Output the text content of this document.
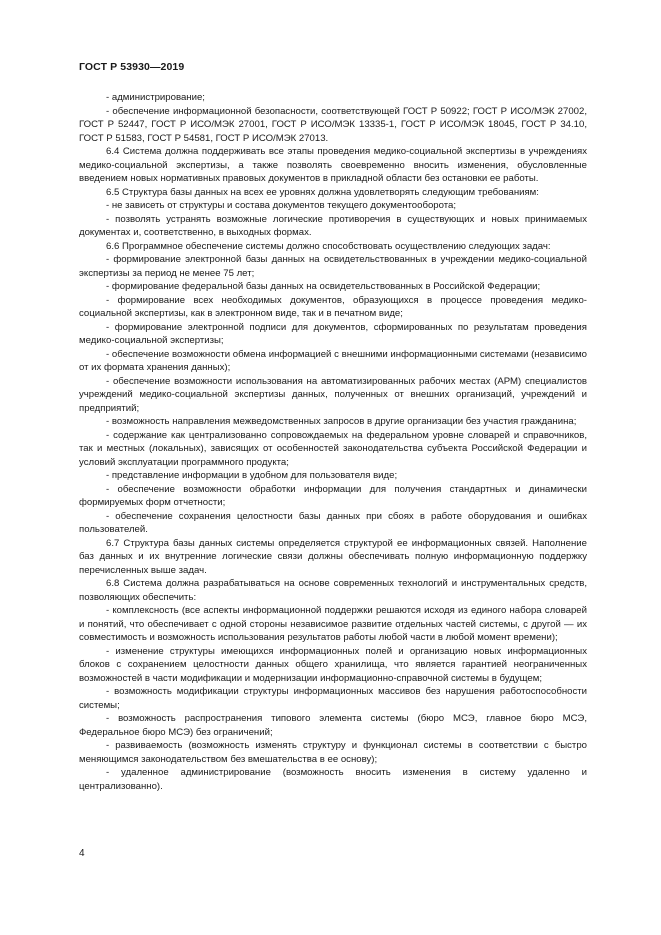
ГОСТ Р 53930—2019

- администрирование;

- обеспечение информационной безопасности, соответствующей ГОСТ Р 50922; ГОСТ Р ИСО/МЭК 27002, ГОСТ Р 52447, ГОСТ Р ИСО/МЭК 27001, ГОСТ Р ИСО/МЭК 13335-1, ГОСТ Р ИСО/МЭК 18045, ГОСТ Р 34.10, ГОСТ Р 51583, ГОСТ Р 54581, ГОСТ Р ИСО/МЭК 27013.

6.4 Система должна поддерживать все этапы проведения медико-социальной экспертизы в учреждениях медико-социальной экспертизы, а также позволять своевременно вносить изменения, обусловленные введением новых нормативных правовых документов в прикладной области без остановки ее работы.

6.5 Структура базы данных на всех ее уровнях должна удовлетворять следующим требованиям:

- не зависеть от структуры и состава документов текущего документооборота;

- позволять устранять возможные логические противоречия в существующих и новых принимаемых документах и, соответственно, в выходных формах.

6.6 Программное обеспечение системы должно способствовать осуществлению следующих задач:

- формирование электронной базы данных на освидетельствованных в учреждении медико-социальной экспертизы за период не менее 75 лет;

- формирование федеральной базы данных на освидетельствованных в Российской Федерации;

- формирование всех необходимых документов, образующихся в процессе проведения медико-социальной экспертизы, как в электронном виде, так и в печатном виде;

- формирование электронной подписи для документов, сформированных по результатам проведения медико-социальной экспертизы;

- обеспечение возможности обмена информацией с внешними информационными системами (независимо от их формата хранения данных);

- обеспечение возможности использования на автоматизированных рабочих местах (АРМ) специалистов учреждений медико-социальной экспертизы данных, полученных от внешних организаций, учреждений и предприятий;

- возможность направления межведомственных запросов в другие организации без участия гражданина;

- содержание как централизованно сопровождаемых на федеральном уровне словарей и справочников, так и местных (локальных), зависящих от особенностей законодательства субъекта Российской Федерации и условий эксплуатации программного продукта;

- представление информации в удобном для пользователя виде;

- обеспечение возможности обработки информации для получения стандартных и динамически формируемых форм отчетности;

- обеспечение сохранения целостности базы данных при сбоях в работе оборудования и ошибках пользователей.

6.7 Структура базы данных системы определяется структурой ее информационных связей. Наполнение баз данных и их внутренние логические связи должны обеспечивать полную информационную поддержку перечисленных выше задач.

6.8 Система должна разрабатываться на основе современных технологий и инструментальных средств, позволяющих обеспечить:

- комплексность (все аспекты информационной поддержки решаются исходя из единого набора словарей и понятий, что обеспечивает с одной стороны независимое развитие отдельных частей системы, с другой — их совместимость и возможность использования результатов работы любой части в любой момент времени);

- изменение структуры имеющихся информационных полей и организацию новых информационных блоков с сохранением целостности данных общего хранилища, что является гарантией неограниченных возможностей в части модификации и модернизации информационно-справочной системы в будущем;

- возможность модификации структуры информационных массивов без нарушения работоспособности системы;

- возможность распространения типового элемента системы (бюро МСЭ, главное бюро МСЭ, Федеральное бюро МСЭ) без ограничений;

- развиваемость (возможность изменять структуру и функционал системы в соответствии с быстро меняющимся законодательством без вмешательства в ее основу);

- удаленное администрирование (возможность вносить изменения в систему удаленно и централизованно).

4
